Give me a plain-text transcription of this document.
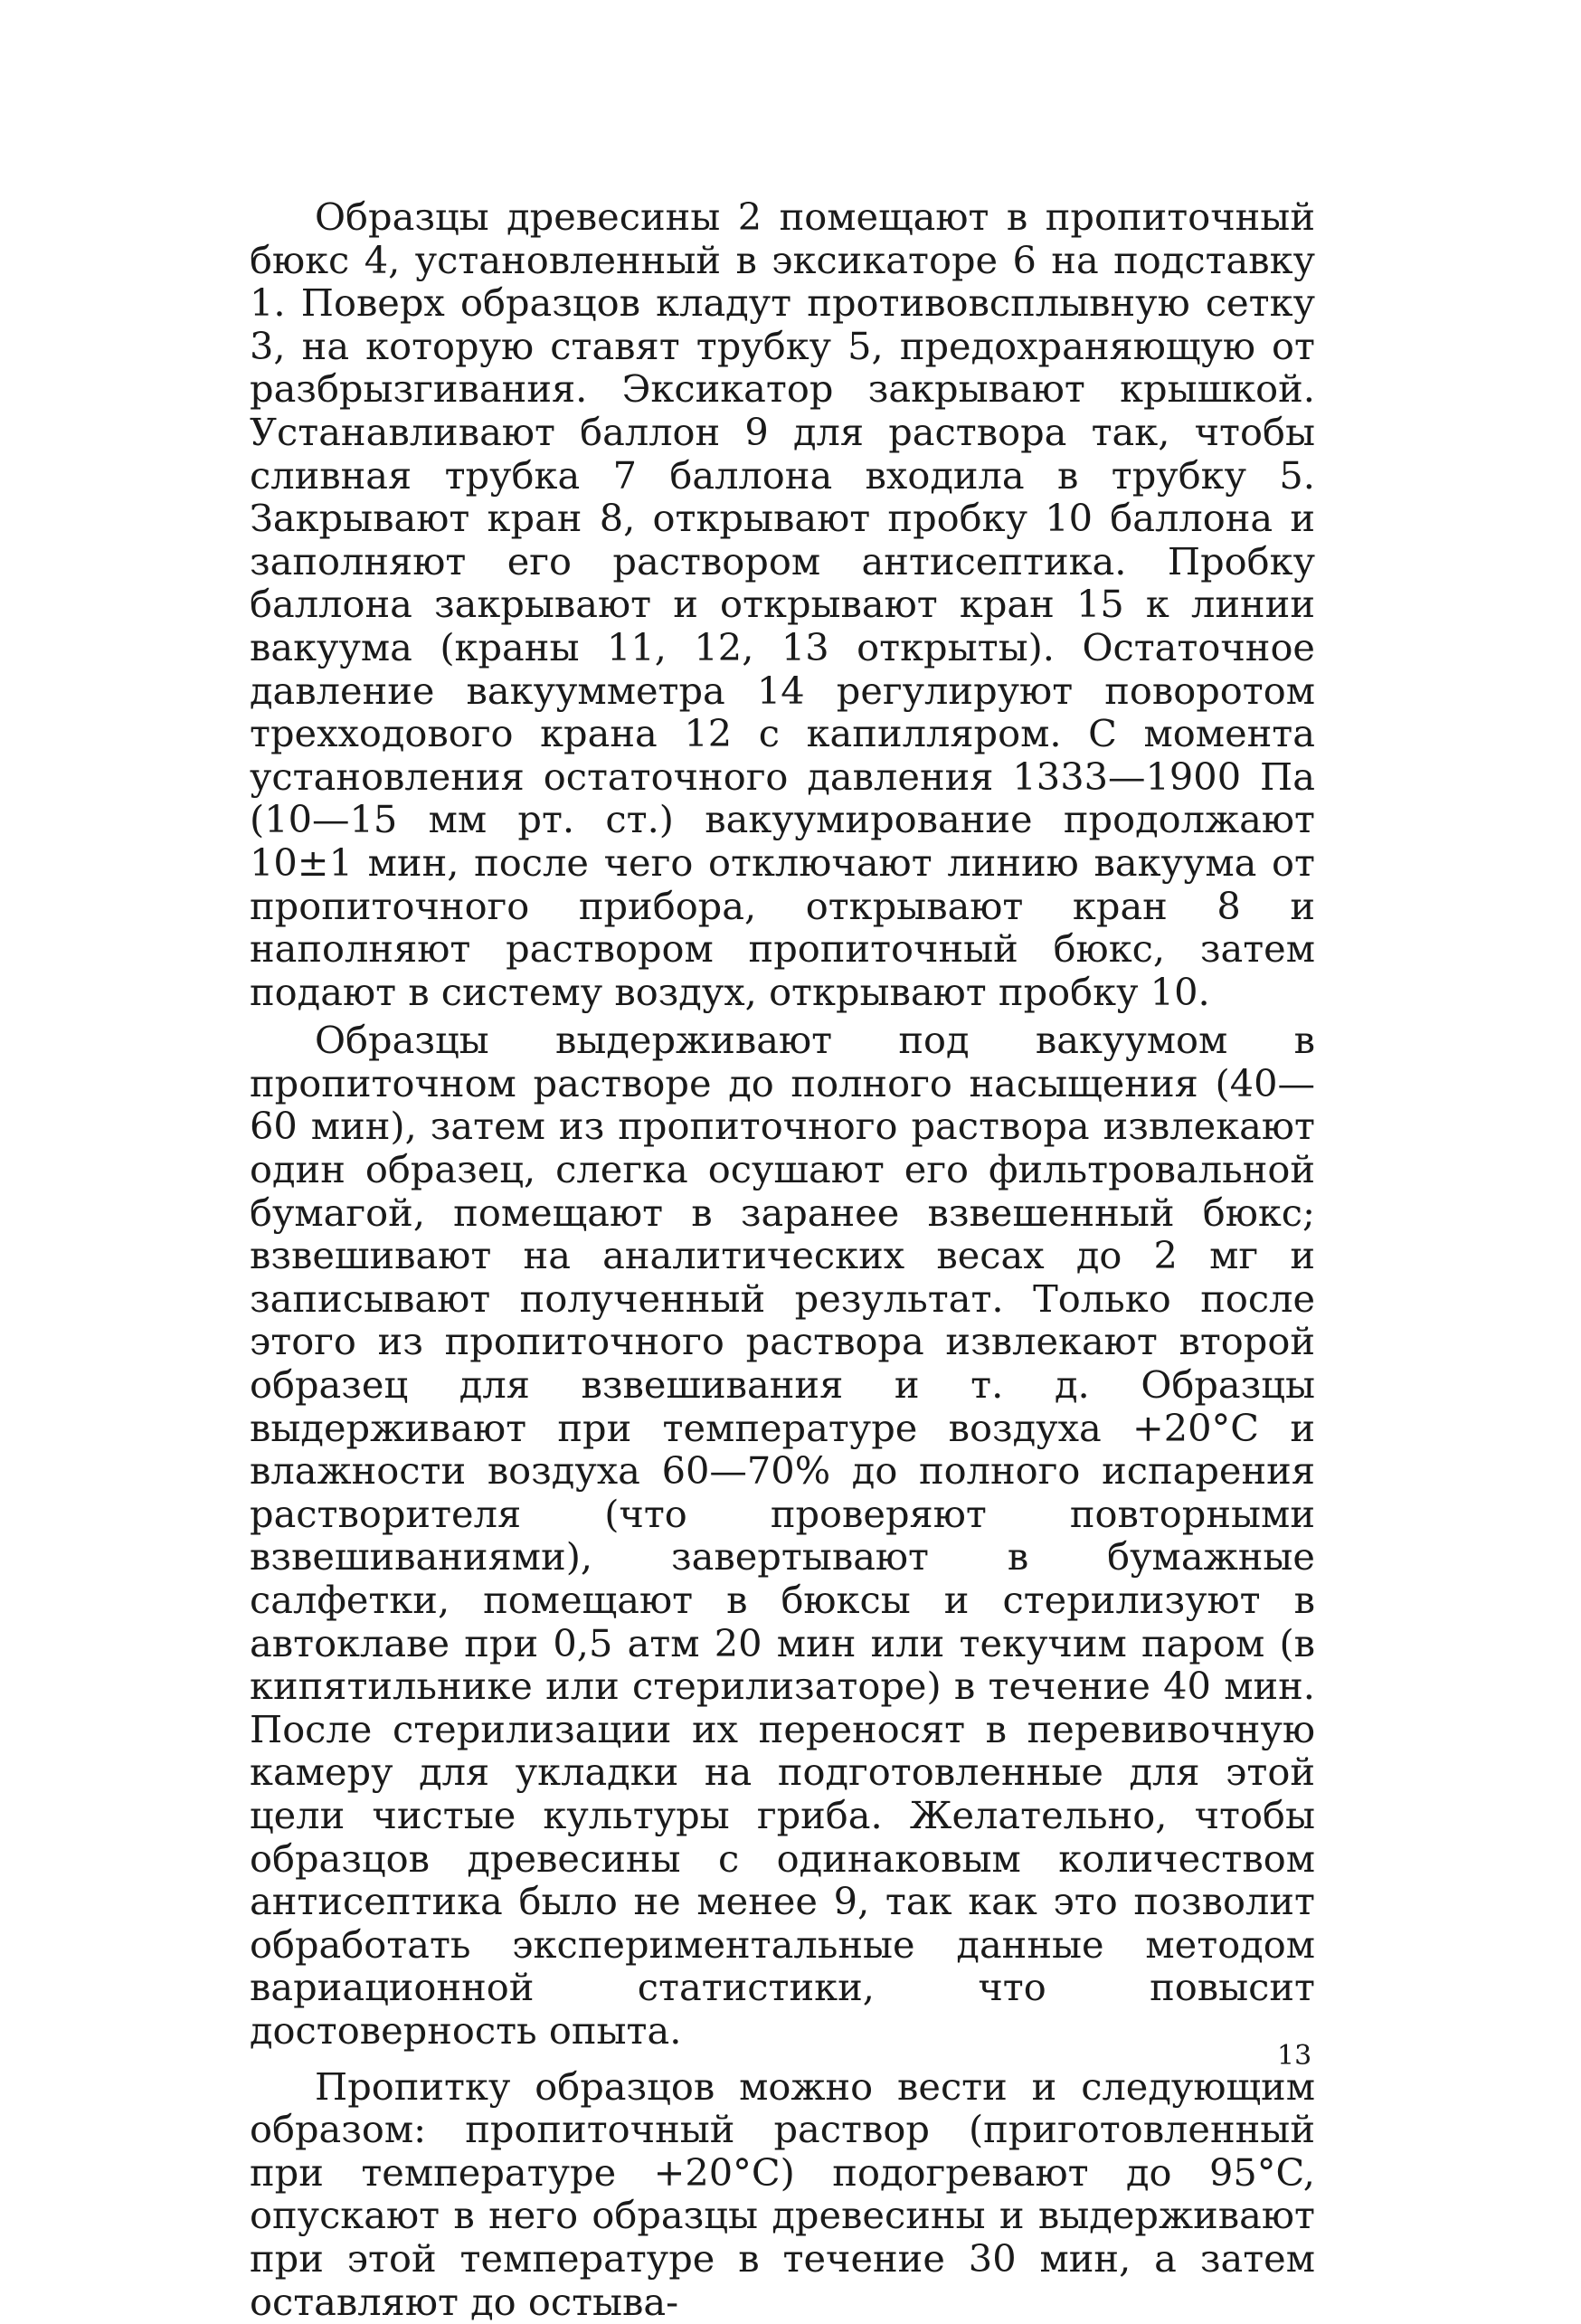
Образцы древесины 2 помещают в пропиточный бюкс 4, установленный в эксикаторе 6 на подставку 1. Поверх образцов кладут противовсплывную сетку 3, на которую ставят трубку 5, предохраняющую от разбрызгивания. Эксикатор закрывают крышкой. Устанавливают баллон 9 для раствора так, чтобы сливная трубка 7 баллона входила в трубку 5. Закрывают кран 8, открывают пробку 10 баллона и заполняют его раствором антисептика. Пробку баллона закрывают и открывают кран 15 к линии вакуума (краны 11, 12, 13 открыты). Остаточное давление вакуумметра 14 регулируют поворотом трехходового крана 12 с капилляром. С момента установления остаточного давления 1333—1900 Па (10—15 мм рт. ст.) вакуумирование продолжают 10±1 мин, после чего отключают линию вакуума от пропиточного прибора, открывают кран 8 и наполняют раствором пропиточный бюкс, затем подают в систему воздух, открывают пробку 10.

Образцы выдерживают под вакуумом в пропиточном растворе до полного насыщения (40—60 мин), затем из пропиточного раствора извлекают один образец, слегка осушают его фильтровальной бумагой, помещают в заранее взвешенный бюкс; взвешивают на аналитических весах до 2 мг и записывают полученный результат. Только после этого из пропиточного раствора извлекают второй образец для взвешивания и т. д. Образцы выдерживают при температуре воздуха +20°C и влажности воздуха 60—70% до полного испарения растворителя (что проверяют повторными взвешиваниями), завертывают в бумажные салфетки, помещают в бюксы и стерилизуют в автоклаве при 0,5 атм 20 мин или текучим паром (в кипятильнике или стерилизаторе) в течение 40 мин. После стерилизации их переносят в перевивочную камеру для укладки на подготовленные для этой цели чистые культуры гриба. Желательно, чтобы образцов древесины с одинаковым количеством антисептика было не менее 9, так как это позволит обработать экспериментальные данные методом вариационной статистики, что повысит достоверность опыта.

Пропитку образцов можно вести и следующим образом: пропиточный раствор (приготовленный при температуре +20°C) подогревают до 95°C, опускают в него образцы древесины и выдерживают при этой температуре в течение 30 мин, а затем оставляют до остыва-

13
